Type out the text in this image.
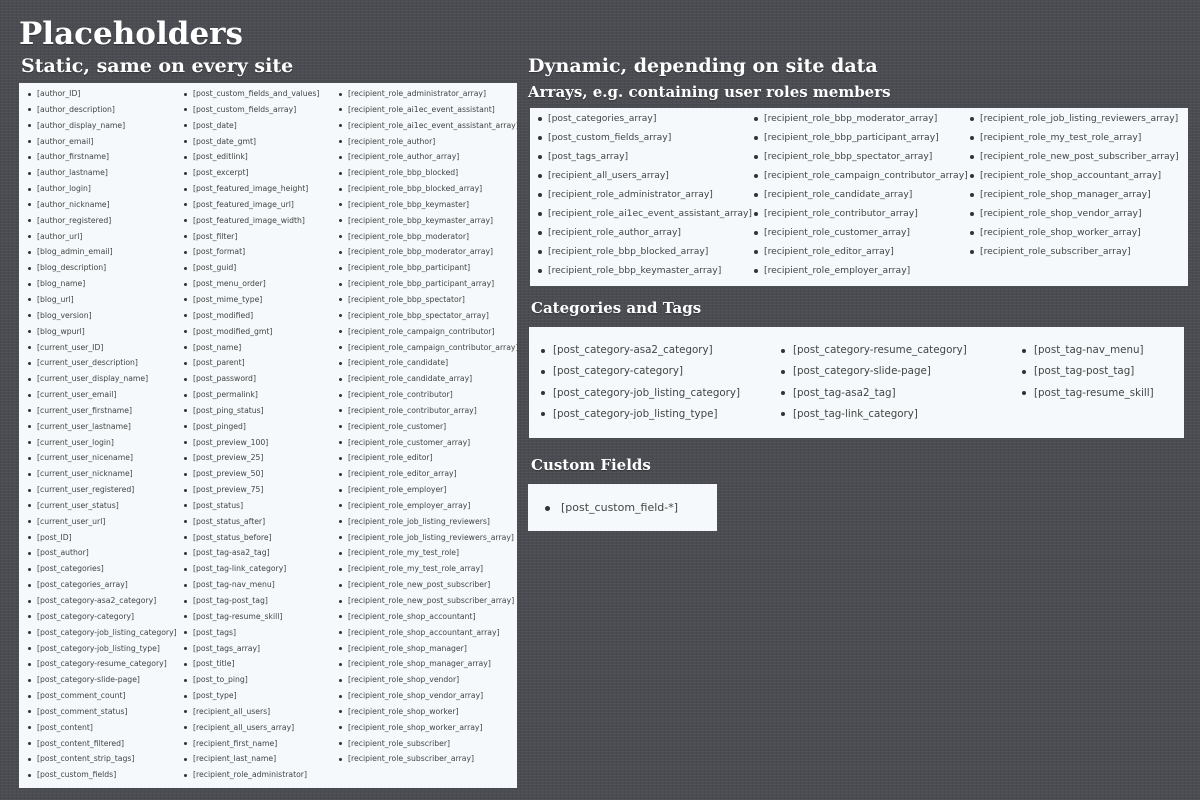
Placeholders
Static, same on every site	Dynamic, depending on site data
Arrays, e.g. containing user roles members
Categories and Tags
Custom Fields
[author_ID]
[author_description]
[author_display_name]
[author_email]
[author_firstname]
[author_lastname]
[author_login]
[author_nickname]
[author_registered]
[author_url]
[blog_admin_email]
[blog_description]
[blog_name]
[blog_url]
[blog_version]
[blog_wpurl]
[current_user_ID]
[current_user_description]
[current_user_display_name]
[current_user_email]
[current_user_firstname]
[current_user_lastname]
[current_user_login]
[current_user_nicename]
[current_user_nickname]
[current_user_registered]
[current_user_status]
[current_user_url]
[post_ID]
[post_author]
[post_categories]
[post_categories_array]
[post_category-asa2_category]
[post_category-category]
[post_category-job_listing_category]
[post_category-job_listing_type]
[post_category-resume_category]
[post_category-slide-page]
[post_comment_count]
[post_comment_status]
[post_content]
[post_content_filtered]
[post_content_strip_tags]
[post_custom_fields]
[post_custom_fields_and_values]
[post_custom_fields_array]
[post_date]
[post_date_gmt]
[post_editlink]
[post_excerpt]
[post_featured_image_height]
[post_featured_image_url]
[post_featured_image_width]
[post_filter]
[post_format]
[post_guid]
[post_menu_order]
[post_mime_type]
[post_modified]
[post_modified_gmt]
[post_name]
[post_parent]
[post_password]
[post_permalink]
[post_ping_status]
[post_pinged]
[post_preview_100]
[post_preview_25]
[post_preview_50]
[post_preview_75]
[post_status]
[post_status_after]
[post_status_before]
[post_tag-asa2_tag]
[post_tag-link_category]
[post_tag-nav_menu]
[post_tag-post_tag]
[post_tag-resume_skill]
[post_tags]
[post_tags_array]
[post_title]
[post_to_ping]
[post_type]
[recipient_all_users]
[recipient_all_users_array]
[recipient_first_name]
[recipient_last_name]
[recipient_role_administrator]
[recipient_role_administrator_array]
[recipient_role_ai1ec_event_assistant]
[recipient_role_ai1ec_event_assistant_array]
[recipient_role_author]
[recipient_role_author_array]
[recipient_role_bbp_blocked]
[recipient_role_bbp_blocked_array]
[recipient_role_bbp_keymaster]
[recipient_role_bbp_keymaster_array]
[recipient_role_bbp_moderator]
[recipient_role_bbp_moderator_array]
[recipient_role_bbp_participant]
[recipient_role_bbp_participant_array]
[recipient_role_bbp_spectator]
[recipient_role_bbp_spectator_array]
[recipient_role_campaign_contributor]
[recipient_role_campaign_contributor_array]
[recipient_role_candidate]
[recipient_role_candidate_array]
[recipient_role_contributor]
[recipient_role_contributor_array]
[recipient_role_customer]
[recipient_role_customer_array]
[recipient_role_editor]
[recipient_role_editor_array]
[recipient_role_employer]
[recipient_role_employer_array]
[recipient_role_job_listing_reviewers]
[recipient_role_job_listing_reviewers_array]
[recipient_role_my_test_role]
[recipient_role_my_test_role_array]
[recipient_role_new_post_subscriber]
[recipient_role_new_post_subscriber_array]
[recipient_role_shop_accountant]
[recipient_role_shop_accountant_array]
[recipient_role_shop_manager]
[recipient_role_shop_manager_array]
[recipient_role_shop_vendor]
[recipient_role_shop_vendor_array]
[recipient_role_shop_worker]
[recipient_role_shop_worker_array]
[recipient_role_subscriber]
[recipient_role_subscriber_array]
[post_categories_array]
[post_custom_fields_array]
[post_tags_array]
[recipient_all_users_array]
[recipient_role_administrator_array]
[recipient_role_ai1ec_event_assistant_array]
[recipient_role_author_array]
[recipient_role_bbp_blocked_array]
[recipient_role_bbp_keymaster_array]
[recipient_role_bbp_moderator_array]
[recipient_role_bbp_participant_array]
[recipient_role_bbp_spectator_array]
[recipient_role_campaign_contributor_array]
[recipient_role_candidate_array]
[recipient_role_contributor_array]
[recipient_role_customer_array]
[recipient_role_editor_array]
[recipient_role_employer_array]
[recipient_role_job_listing_reviewers_array]
[recipient_role_my_test_role_array]
[recipient_role_new_post_subscriber_array]
[recipient_role_shop_accountant_array]
[recipient_role_shop_manager_array]
[recipient_role_shop_vendor_array]
[recipient_role_shop_worker_array]
[recipient_role_subscriber_array]
[post_category-asa2_category]
[post_category-category]
[post_category-job_listing_category]
[post_category-job_listing_type]
[post_category-resume_category]
[post_category-slide-page]
[post_tag-asa2_tag]
[post_tag-link_category]
[post_tag-nav_menu]
[post_tag-post_tag]
[post_tag-resume_skill]
[post_custom_field-*]
